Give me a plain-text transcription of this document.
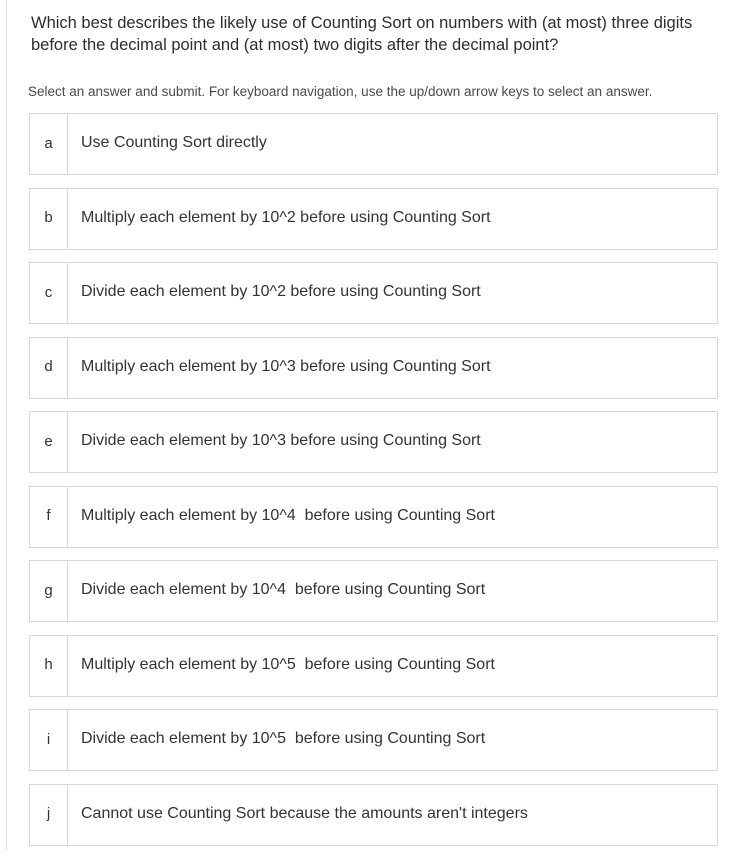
Which best describes the likely use of Counting Sort on numbers with (at most) three digits before the decimal point and (at most) two digits after the decimal point?

Select an answer and submit. For keyboard navigation, use the up/down arrow keys to select an answer.

a	Use Counting Sort directly
b	Multiply each element by 10^2 before using Counting Sort
c	Divide each element by 10^2 before using Counting Sort
d	Multiply each element by 10^3 before using Counting Sort
e	Divide each element by 10^3 before using Counting Sort
f	Multiply each element by 10^4  before using Counting Sort
g	Divide each element by 10^4  before using Counting Sort
h	Multiply each element by 10^5  before using Counting Sort
i	Divide each element by 10^5  before using Counting Sort
j	Cannot use Counting Sort because the amounts aren't integers
